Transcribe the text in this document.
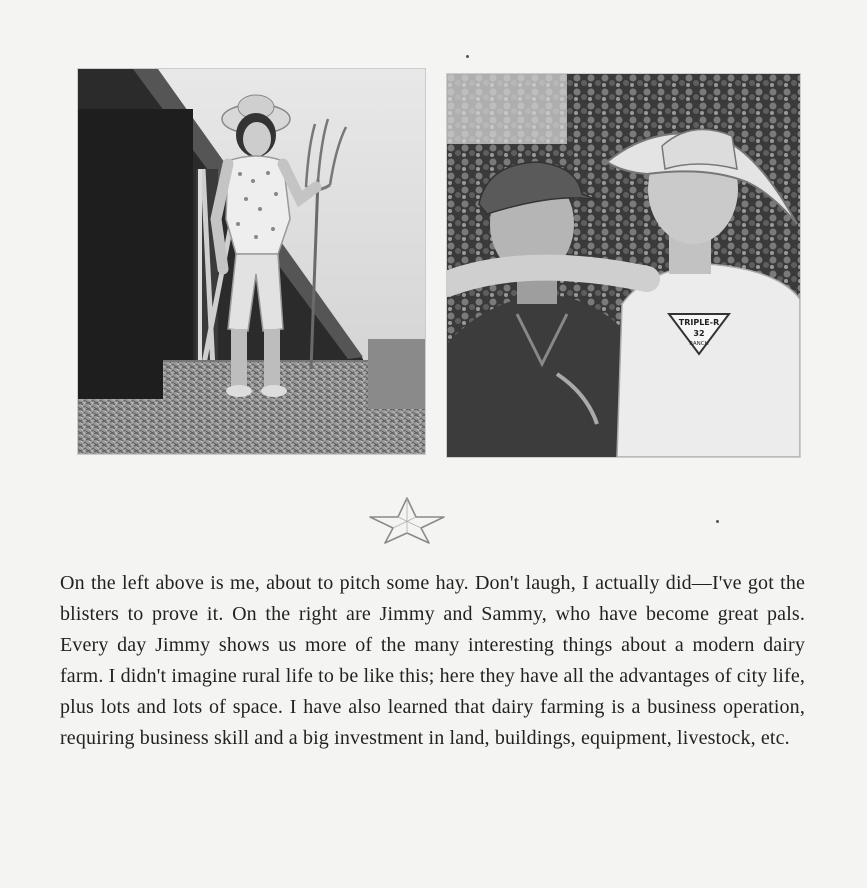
TRIPLE-R
32
RANCH

On the left above is me, about to pitch some hay. Don't laugh, I actually did—I've got the blisters to prove it. On the right are Jimmy and Sammy, who have become great pals. Every day Jimmy shows us more of the many interesting things about a modern dairy farm. I didn't imagine rural life to be like this; here they have all the advantages of city life, plus lots and lots of space. I have also learned that dairy farming is a business operation, requiring business skill and a big investment in land, buildings, equipment, livestock, etc.
